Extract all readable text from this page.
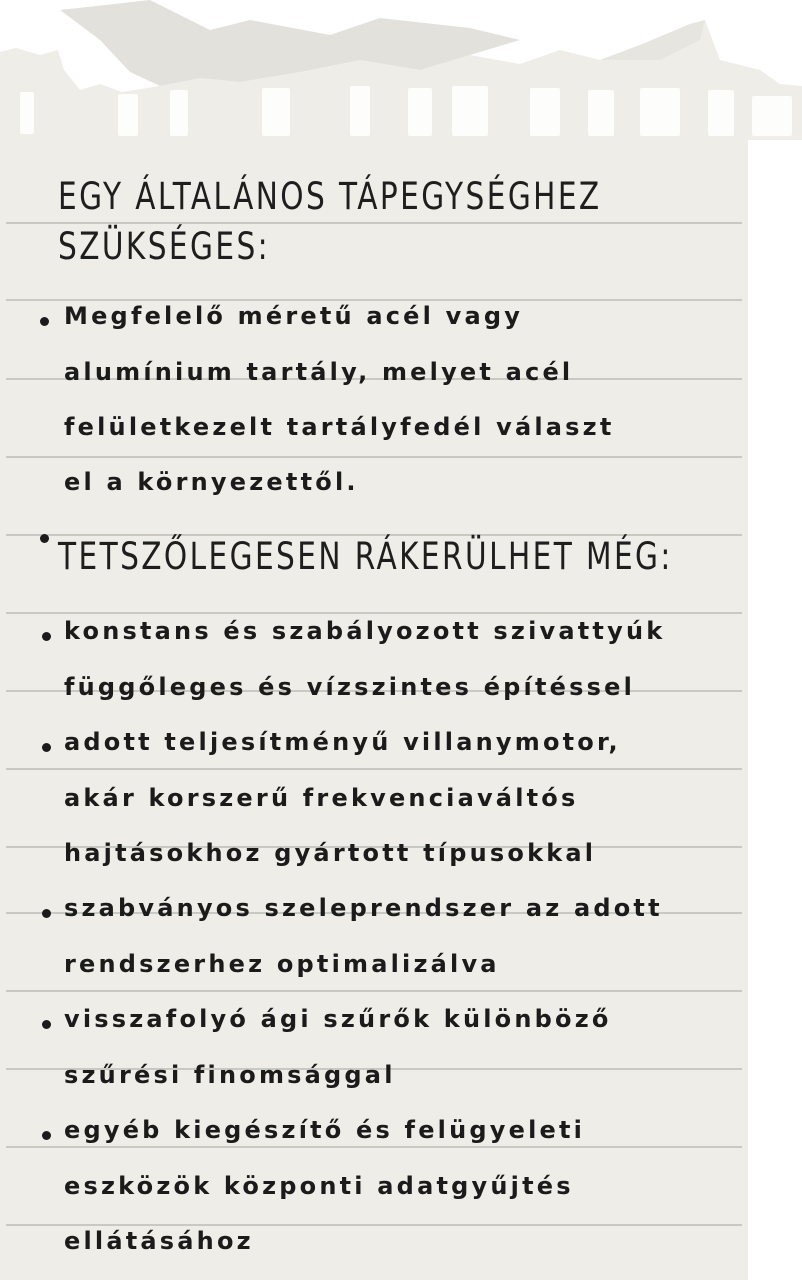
EGY ÁLTALÁNOS TÁPEGYSÉGHEZ
SZÜKSÉGES:

Megfelelő méretű acél vagy

alumínium tartály, melyet acél

felületkezelt tartályfedél választ

el a környezettől.

TETSZŐLEGESEN RÁKERÜLHET MÉG:

konstans és szabályozott szivattyúk

függőleges és vízszintes építéssel

adott teljesítményű villanymotor,

akár korszerű frekvenciaváltós

hajtásokhoz gyártott típusokkal

szabványos szeleprendszer az adott

rendszerhez optimalizálva

visszafolyó ági szűrők különböző

szűrési finomsággal

egyéb kiegészítő és felügyeleti

eszközök központi adatgyűjtés

ellátásához
